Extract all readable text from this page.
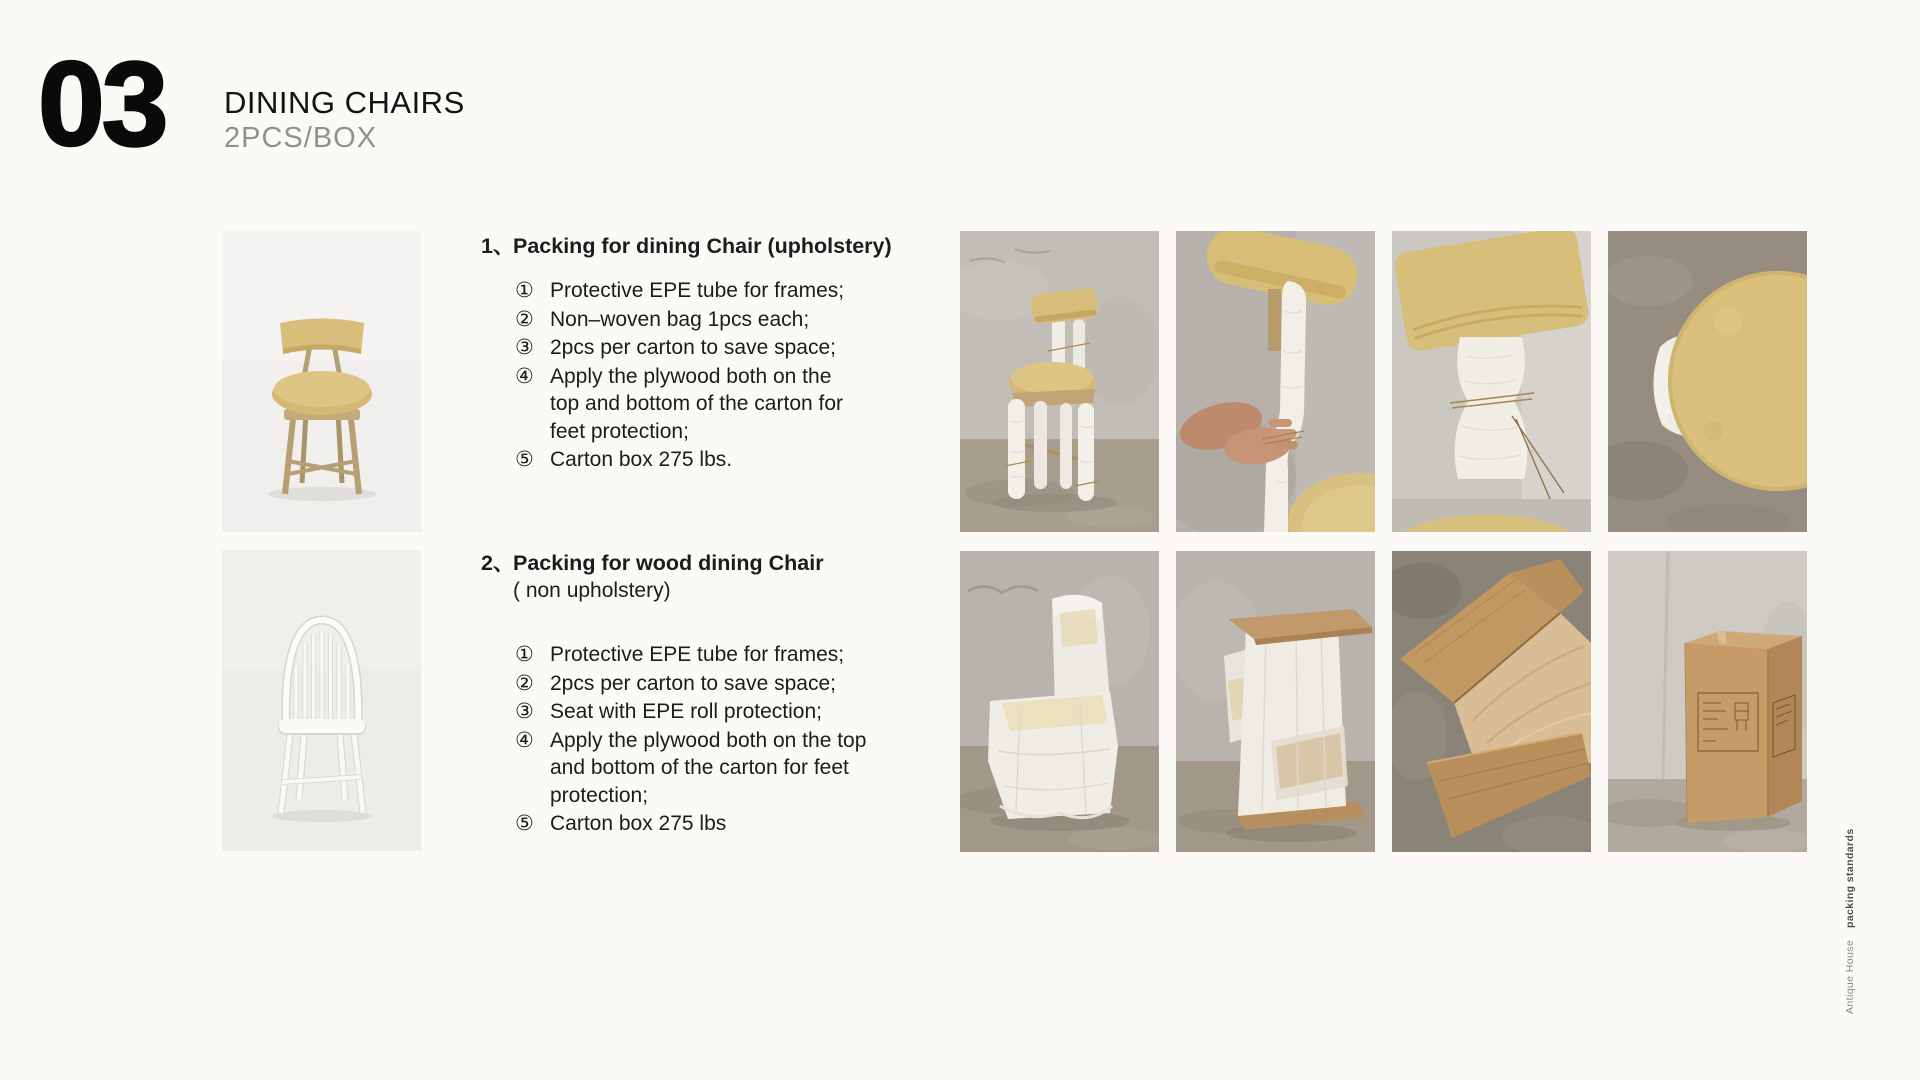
03 DINING CHAIRS
2PCS/BOX
1、
Packing for dining Chair (upholstery)
① Protective EPE tube for frames;
② Non–woven bag 1pcs each;
③ 2pcs per carton to save space;
④ Apply the plywood both on the top and bottom of the carton for feet protection;
⑤ Carton box 275 lbs.
2、
Packing for wood dining Chair
( non upholstery)
① Protective EPE tube for frames;
② 2pcs per carton to save space;
③ Seat with EPE roll protection;
④ Apply the plywood both on the top and bottom of the carton for feet protection;
⑤ Carton box 275 lbs
Antique House packing standards
